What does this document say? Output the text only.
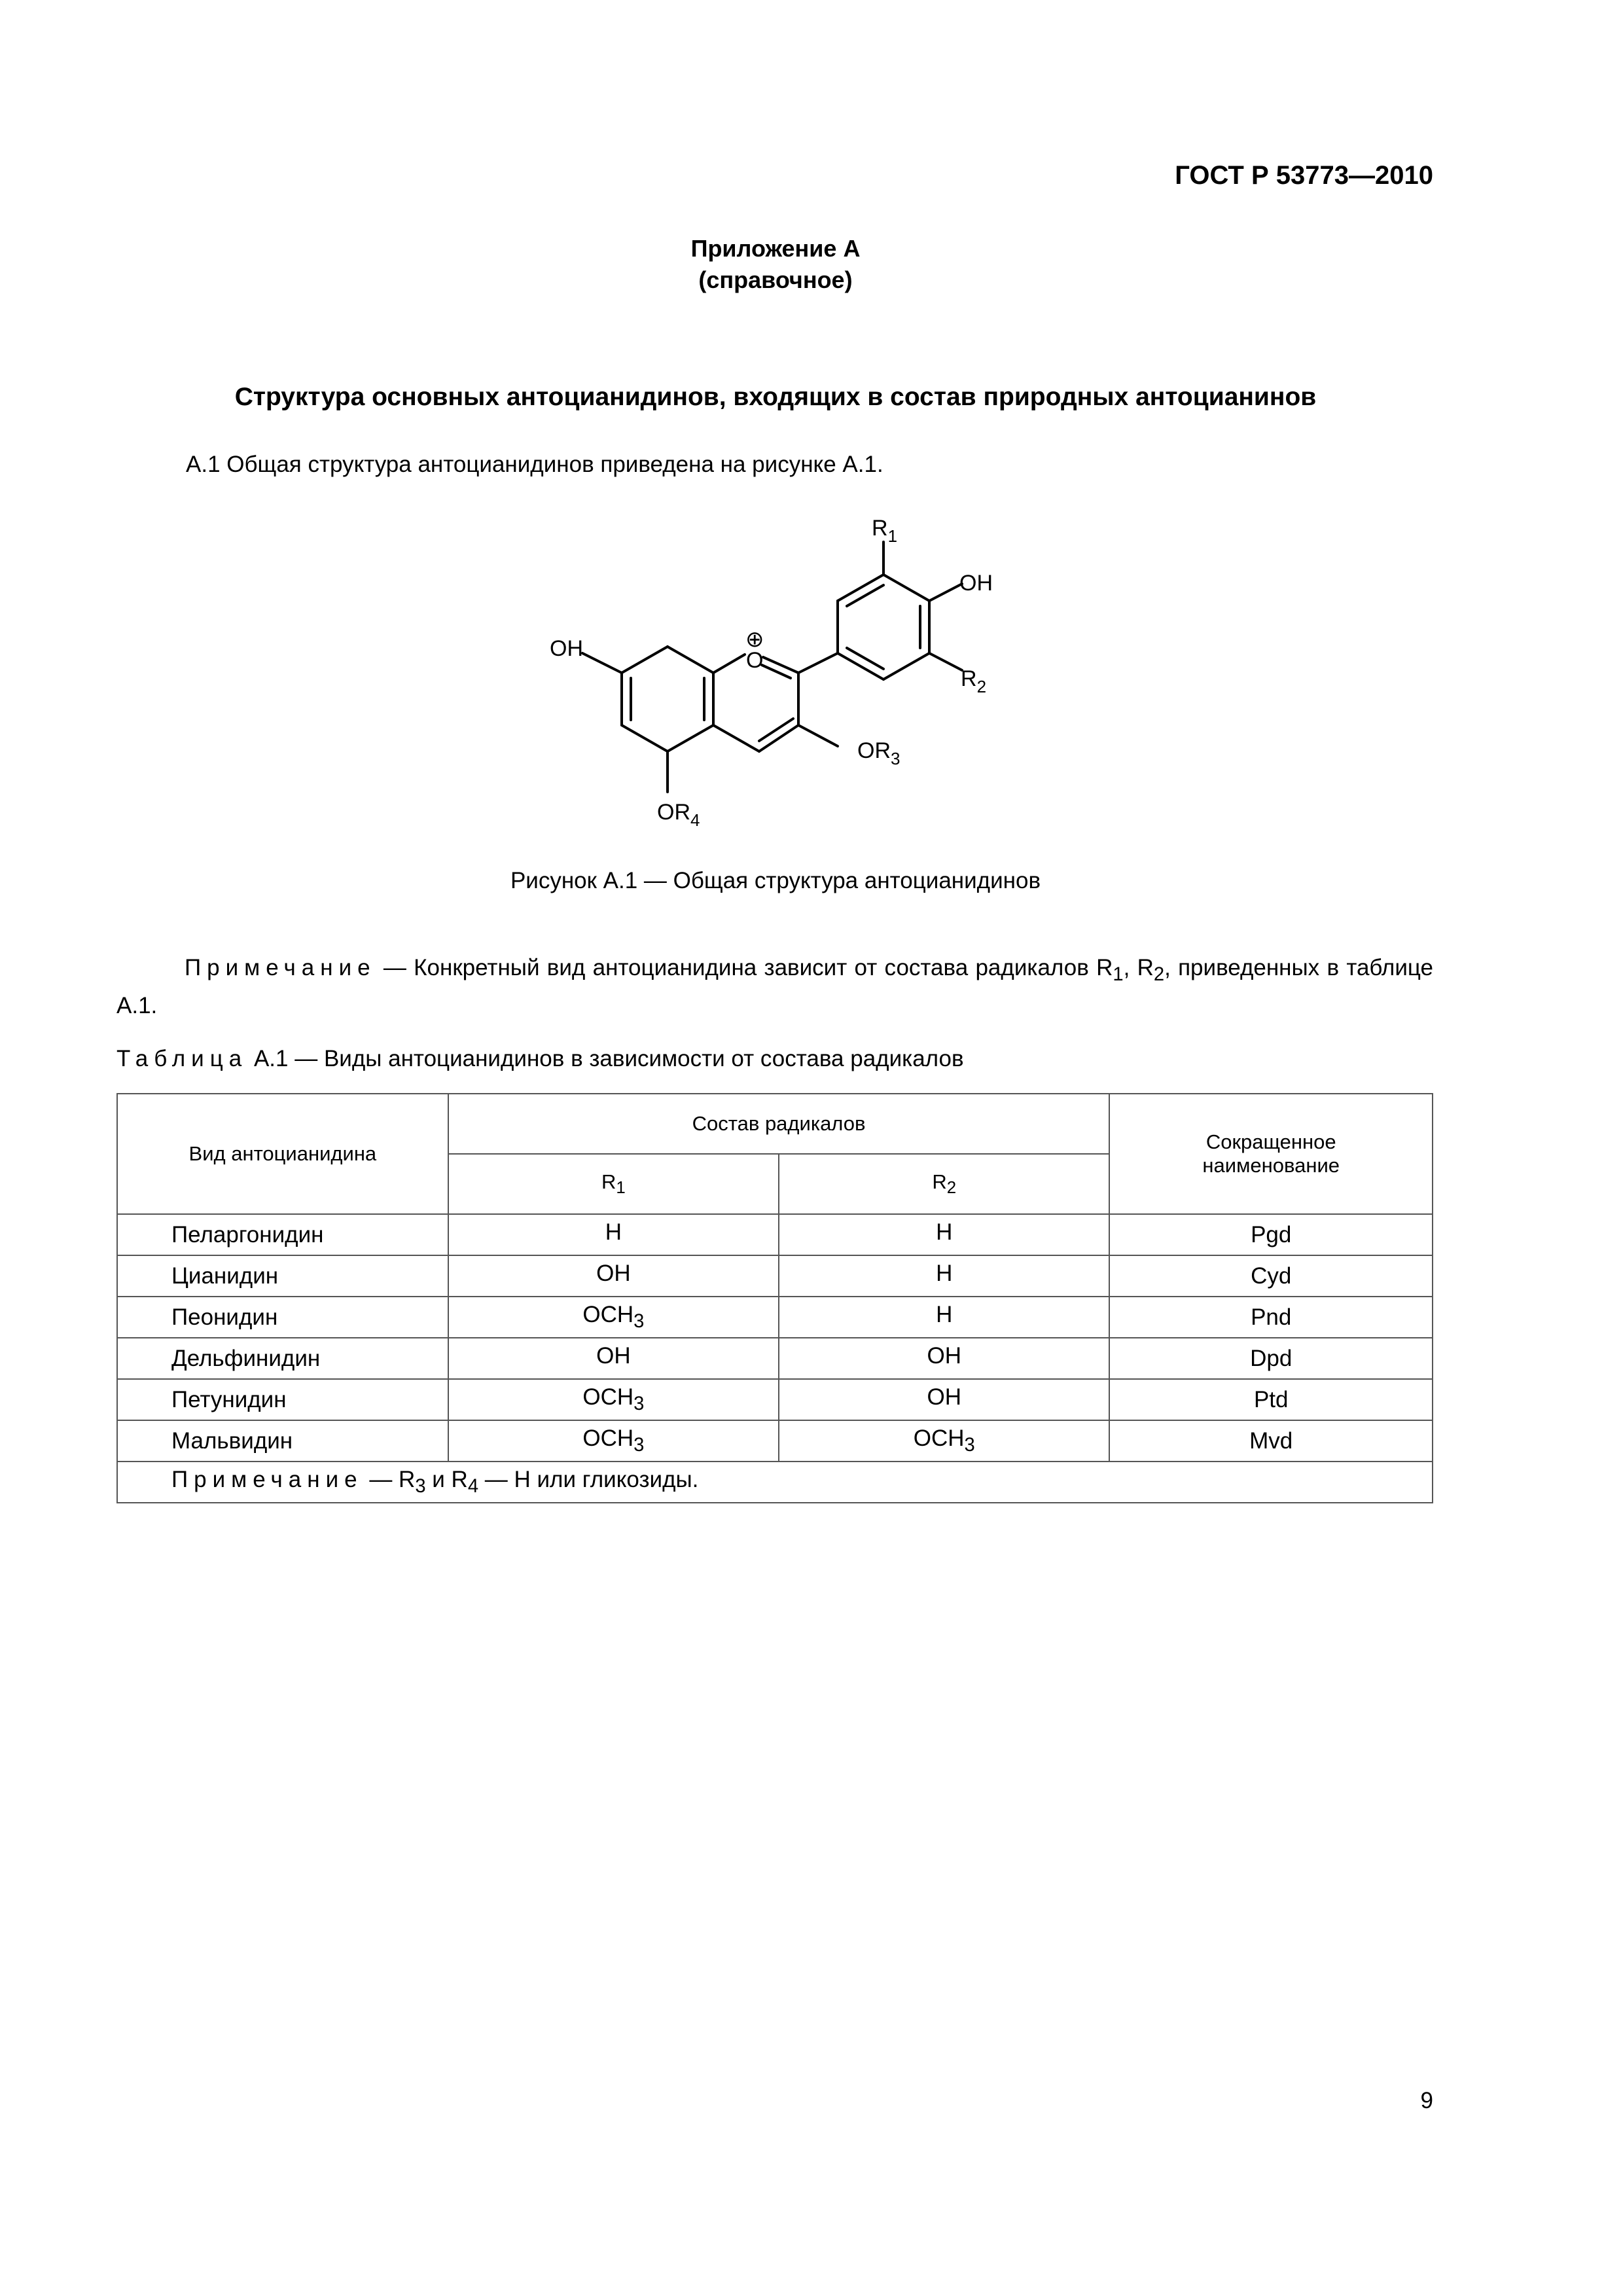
ГОСТ Р 53773—2010
Приложение А
(справочное)
Структура основных антоцианидинов, входящих в состав природных антоцианинов
А.1 Общая структура антоцианидинов приведена на рисунке А.1.
$R_1$
OH
$R_2$
OH	O
⊕
$OR_3$
$OR_4$
Рисунок А.1 — Общая структура антоцианидинов
Примечание — Конкретный вид антоцианидина зависит от состава радикалов $R_1$, $R_2$, приведенных в таблице А.1.
Таблица А.1 — Виды антоцианидинов в зависимости от состава радикалов
Вид антоцианидина	Состав радикалов		Сокращенное
наименование
	$R_1$	$R_2$
Пеларгонидин	H	H	Pgd
Цианидин	OH	H	Cyd
Пеонидин	$OCH_3$	H	Pnd
Дельфинидин	OH	OH	Dpd
Петунидин	$OCH_3$	OH	Ptd
Мальвидин	$OCH_3$	$OCH_3$	Mvd
Примечание — $R_3$ и $R_4$ — H или гликозиды.			
9
